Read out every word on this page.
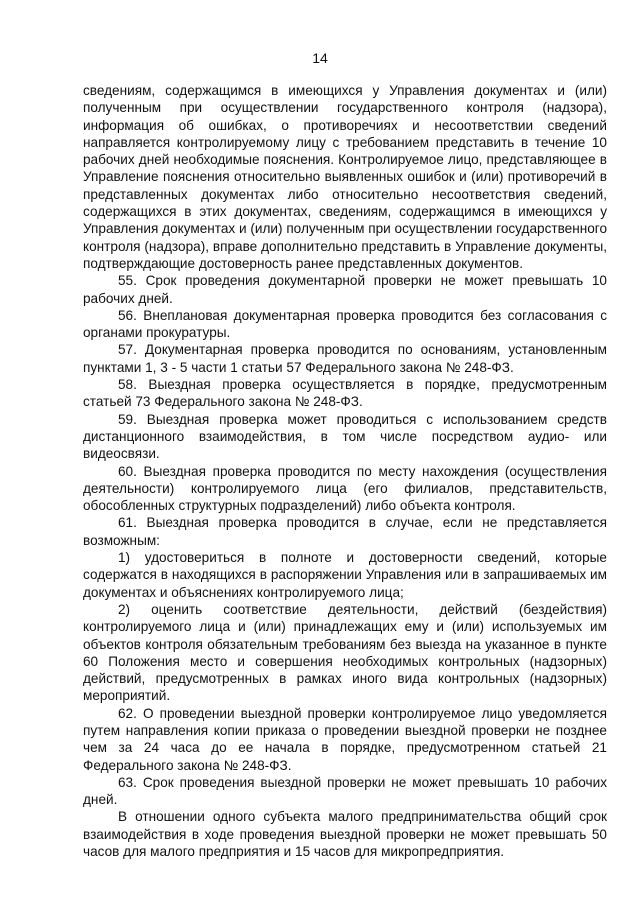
14

сведениям, содержащимся в имеющихся у Управления документах и (или) полученным при осуществлении государственного контроля (надзора), информация об ошибках, о противоречиях и несоответствии сведений направляется контролируемому лицу с требованием представить в течение 10 рабочих дней необходимые пояснения. Контролируемое лицо, представляющее в Управление пояснения относительно выявленных ошибок и (или) противоречий в представленных документах либо относительно несоответствия сведений, содержащихся в этих документах, сведениям, содержащимся в имеющихся у Управления документах и (или) полученным при осуществлении государственного контроля (надзора), вправе дополнительно представить в Управление документы, подтверждающие достоверность ранее представленных документов.

55. Срок проведения документарной проверки не может превышать 10 рабочих дней.

56. Внеплановая документарная проверка проводится без согласования с органами прокуратуры.

57. Документарная проверка проводится по основаниям, установленным пунктами 1, 3 - 5 части 1 статьи 57 Федерального закона № 248-ФЗ.

58. Выездная проверка осуществляется в порядке, предусмотренным статьей 73 Федерального закона № 248-ФЗ.

59. Выездная проверка может проводиться с использованием средств дистанционного взаимодействия, в том числе посредством аудио- или видеосвязи.

60. Выездная проверка проводится по месту нахождения (осуществления деятельности) контролируемого лица (его филиалов, представительств, обособленных структурных подразделений) либо объекта контроля.

61. Выездная проверка проводится в случае, если не представляется возможным:

1) удостовериться в полноте и достоверности сведений, которые содержатся в находящихся в распоряжении Управления или в запрашиваемых им документах и объяснениях контролируемого лица;

2) оценить соответствие деятельности, действий (бездействия) контролируемого лица и (или) принадлежащих ему и (или) используемых им объектов контроля обязательным требованиям без выезда на указанное в пункте 60 Положения место и совершения необходимых контрольных (надзорных) действий, предусмотренных в рамках иного вида контрольных (надзорных) мероприятий.

62. О проведении выездной проверки контролируемое лицо уведомляется путем направления копии приказа о проведении выездной проверки не позднее чем за 24 часа до ее начала в порядке, предусмотренном статьей 21 Федерального закона № 248-ФЗ.

63. Срок проведения выездной проверки не может превышать 10 рабочих дней.

В отношении одного субъекта малого предпринимательства общий срок взаимодействия в ходе проведения выездной проверки не может превышать 50 часов для малого предприятия и 15 часов для микропредприятия.
